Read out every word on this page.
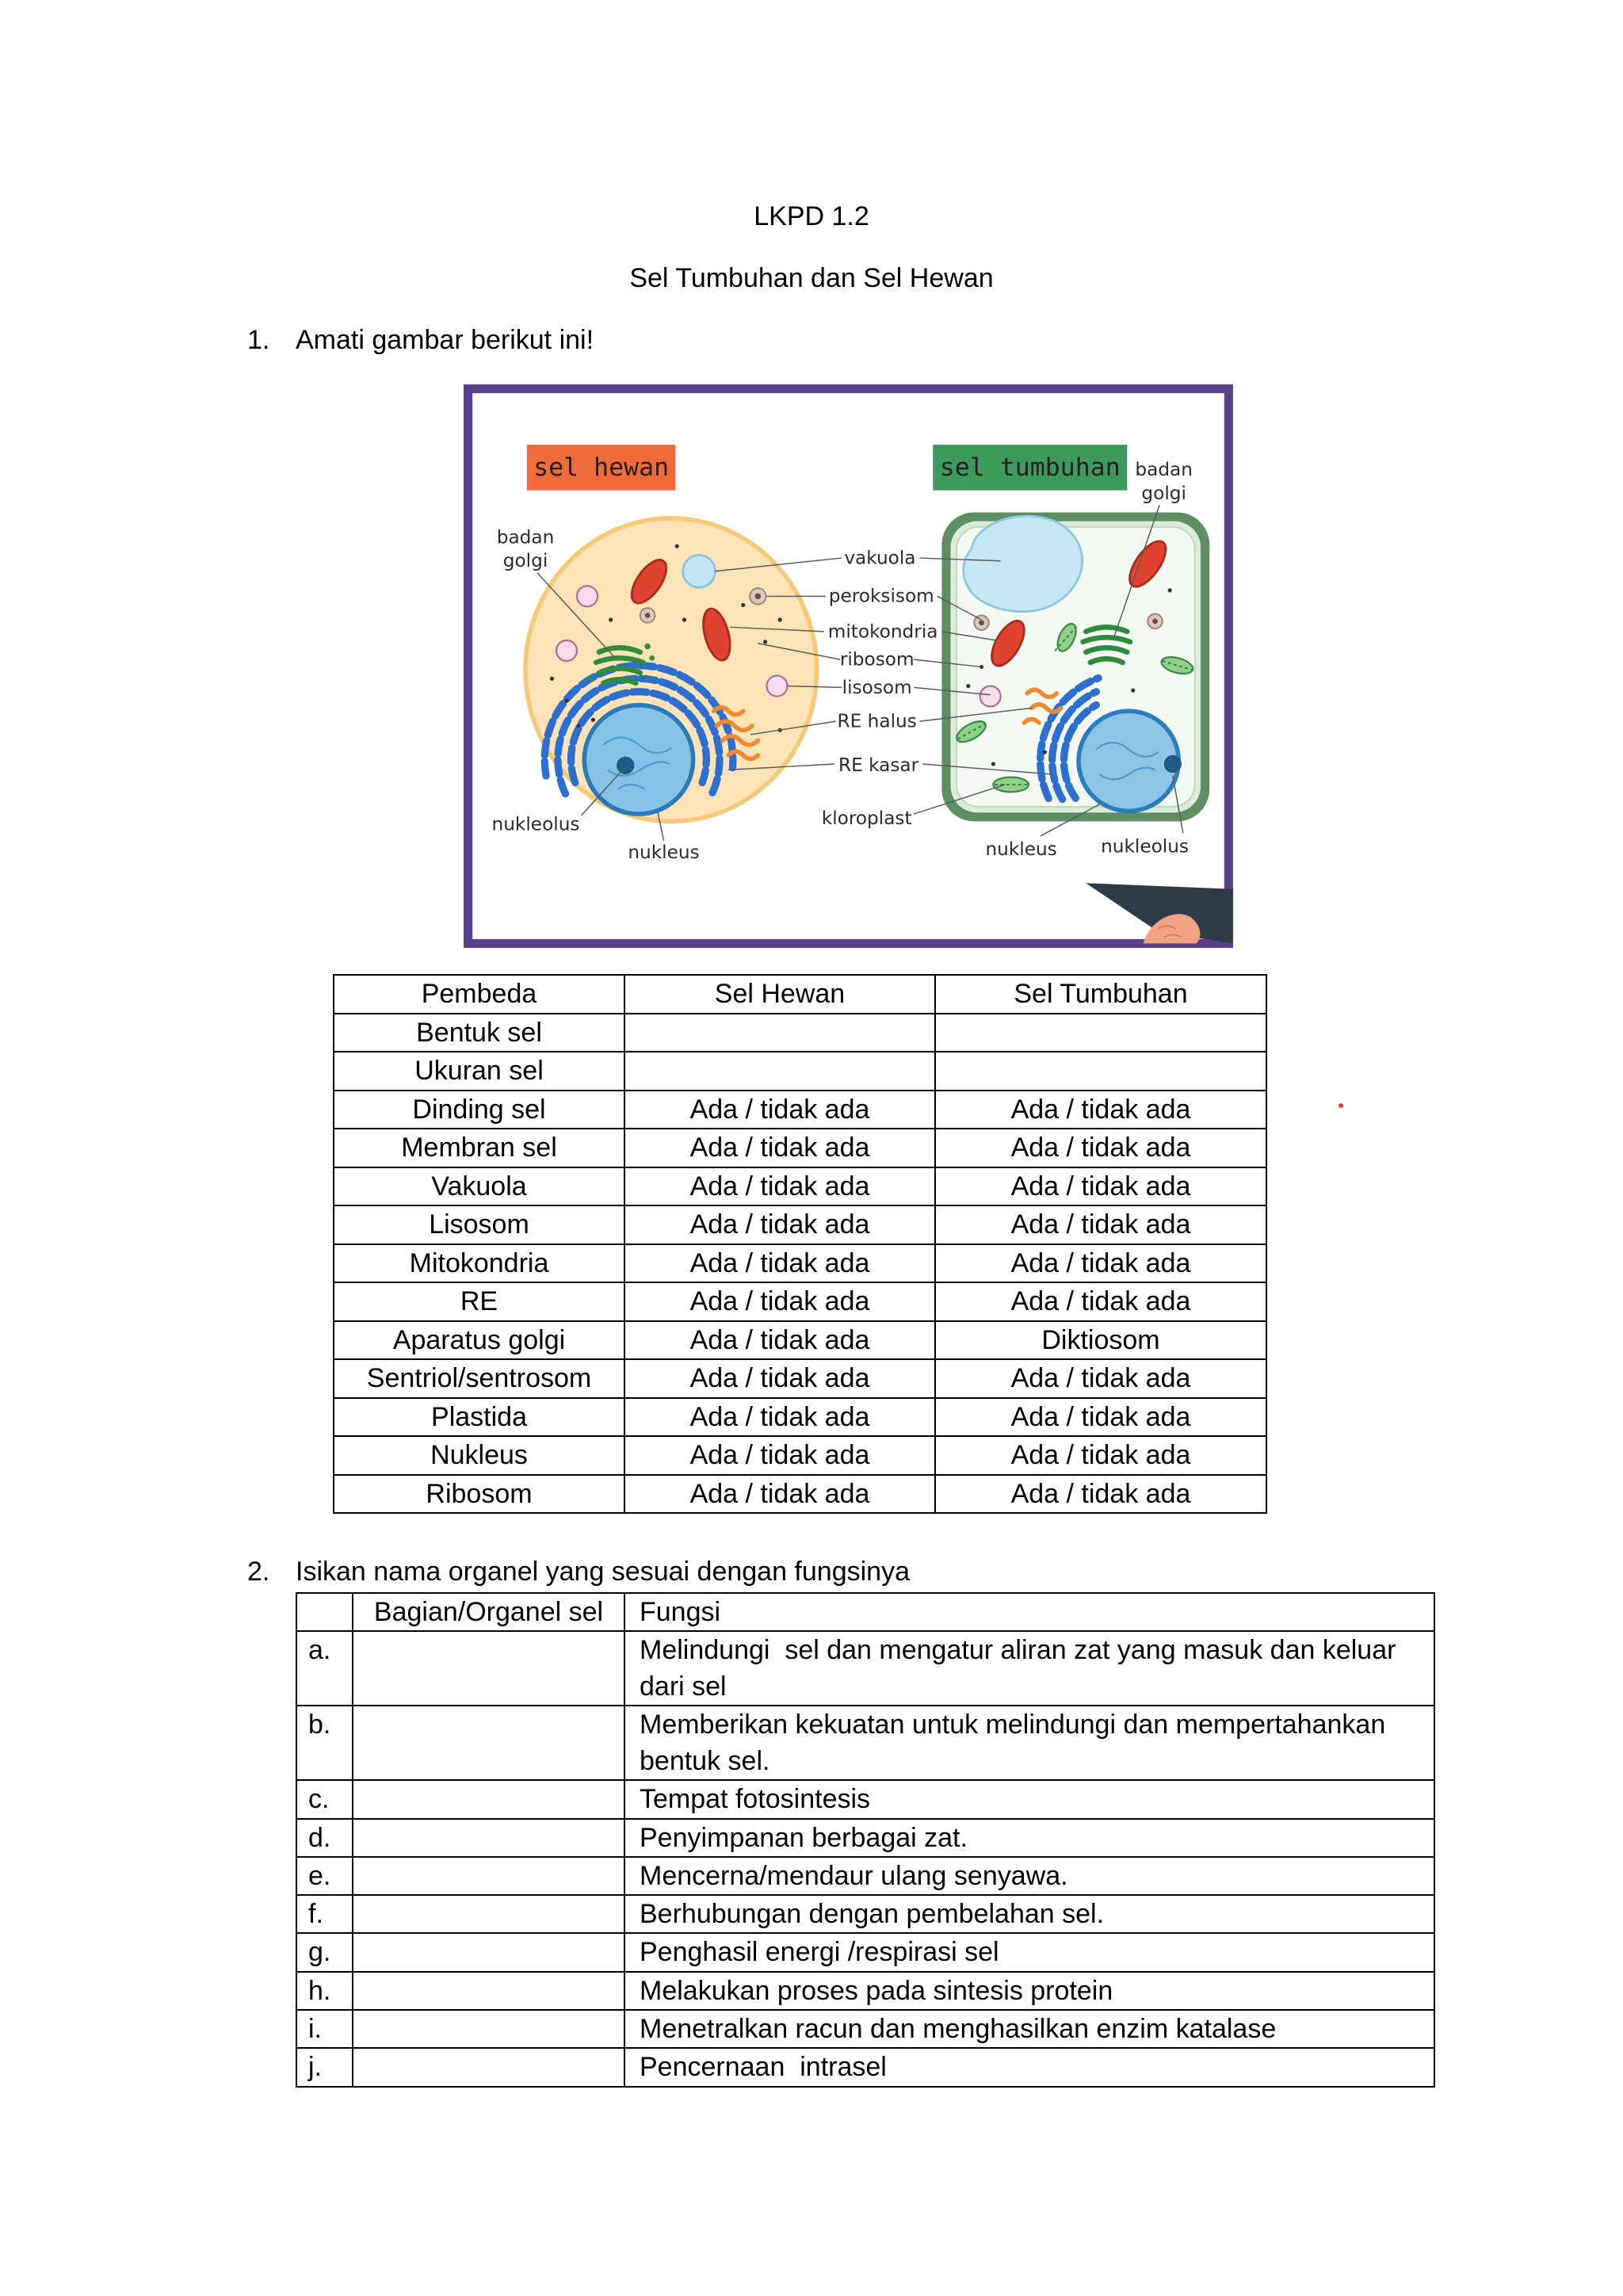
LKPD 1.2
Sel Tumbuhan dan Sel Hewan
1. Amati gambar berikut ini!
sel hewan	sel tumbuhan
badan
golgi
badan
golgi
vakuola
peroksisom
mitokondria
ribosom
lisosom
RE halus
RE kasar
kloroplast
nukleolus
nukleus	nukleus	nukleolus
Pembeda	Sel Hewan	Sel Tumbuhan
Bentuk sel		
Ukuran sel		
Dinding sel	Ada / tidak ada	Ada / tidak ada
Membran sel	Ada / tidak ada	Ada / tidak ada
Vakuola	Ada / tidak ada	Ada / tidak ada
Lisosom	Ada / tidak ada	Ada / tidak ada
Mitokondria	Ada / tidak ada	Ada / tidak ada
RE	Ada / tidak ada	Ada / tidak ada
Aparatus golgi	Ada / tidak ada	Diktiosom
Sentriol/sentrosom	Ada / tidak ada	Ada / tidak ada
Plastida	Ada / tidak ada	Ada / tidak ada
Nukleus	Ada / tidak ada	Ada / tidak ada
Ribosom	Ada / tidak ada	Ada / tidak ada
2. Isikan nama organel yang sesuai dengan fungsinya
	Bagian/Organel sel	Fungsi
a.		Melindungi  sel dan mengatur aliran zat yang masuk dan keluar dari sel
b.		Memberikan kekuatan untuk melindungi dan mempertahankan bentuk sel.
c.		Tempat fotosintesis
d.		Penyimpanan berbagai zat.
e.		Mencerna/mendaur ulang senyawa.
f.		Berhubungan dengan pembelahan sel.
g.		Penghasil energi /respirasi sel
h.		Melakukan proses pada sintesis protein
i.		Menetralkan racun dan menghasilkan enzim katalase
j.		Pencernaan  intrasel
